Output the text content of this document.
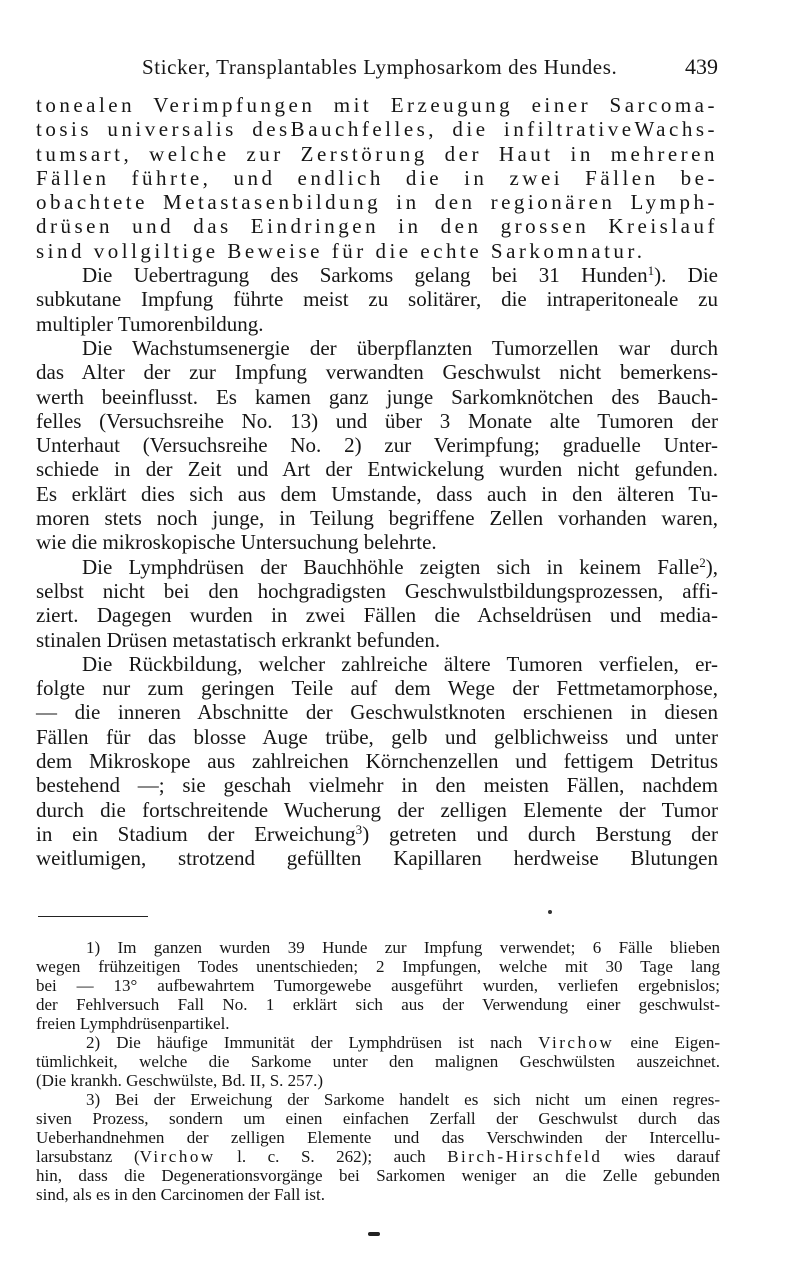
Sticker, Transplantables Lymphosarkom des Hundes.	439
tonealen Verimpfungen mit Erzeugung einer Sarcoma-
tosis universalis desBauchfelles, die infiltrativeWachs-
tumsart, welche zur Zerstörung der Haut in mehreren
Fällen führte, und endlich die in zwei Fällen be-
obachtete Metastasenbildung in den regionären Lymph-
drüsen und das Eindringen in den grossen Kreislauf
sind vollgiltige Beweise für die echte Sarkomnatur.
Die Uebertragung des Sarkoms gelang bei 31 Hunden$^1$). Die
subkutane Impfung führte meist zu solitärer, die intraperitoneale zu
multipler Tumorenbildung.
Die Wachstumsenergie der überpflanzten Tumorzellen war durch
das Alter der zur Impfung verwandten Geschwulst nicht bemerkens-
werth beeinflusst. Es kamen ganz junge Sarkomknötchen des Bauch-
felles (Versuchsreihe No. 13) und über 3 Monate alte Tumoren der
Unterhaut (Versuchsreihe No. 2) zur Verimpfung; graduelle Unter-
schiede in der Zeit und Art der Entwickelung wurden nicht gefunden.
Es erklärt dies sich aus dem Umstande, dass auch in den älteren Tu-
moren stets noch junge, in Teilung begriffene Zellen vorhanden waren,
wie die mikroskopische Untersuchung belehrte.
Die Lymphdrüsen der Bauchhöhle zeigten sich in keinem Falle$^2$),
selbst nicht bei den hochgradigsten Geschwulstbildungsprozessen, affi-
ziert. Dagegen wurden in zwei Fällen die Achseldrüsen und media-
stinalen Drüsen metastatisch erkrankt befunden.
Die Rückbildung, welcher zahlreiche ältere Tumoren verfielen, er-
folgte nur zum geringen Teile auf dem Wege der Fettmetamorphose,
— die inneren Abschnitte der Geschwulstknoten erschienen in diesen
Fällen für das blosse Auge trübe, gelb und gelblichweiss und unter
dem Mikroskope aus zahlreichen Körnchenzellen und fettigem Detritus
bestehend —; sie geschah vielmehr in den meisten Fällen, nachdem
durch die fortschreitende Wucherung der zelligen Elemente der Tumor
in ein Stadium der Erweichung$^3$) getreten und durch Berstung der
weitlumigen, strotzend gefüllten Kapillaren herdweise Blutungen
1) Im ganzen wurden 39 Hunde zur Impfung verwendet; 6 Fälle blieben
wegen frühzeitigen Todes unentschieden; 2 Impfungen, welche mit 30 Tage lang
bei — 13° aufbewahrtem Tumorgewebe ausgeführt wurden, verliefen ergebnislos;
der Fehlversuch Fall No. 1 erklärt sich aus der Verwendung einer geschwulst-
freien Lymphdrüsenpartikel.
2) Die häufige Immunität der Lymphdrüsen ist nach Virchow eine Eigen-
tümlichkeit, welche die Sarkome unter den malignen Geschwülsten auszeichnet.
(Die krankh. Geschwülste, Bd. II, S. 257.)
3) Bei der Erweichung der Sarkome handelt es sich nicht um einen regres-
siven Prozess, sondern um einen einfachen Zerfall der Geschwulst durch das
Ueberhandnehmen der zelligen Elemente und das Verschwinden der Intercellu-
larsubstanz (Virchow l. c. S. 262); auch Birch-Hirschfeld wies darauf
hin, dass die Degenerationsvorgänge bei Sarkomen weniger an die Zelle gebunden
sind, als es in den Carcinomen der Fall ist.
